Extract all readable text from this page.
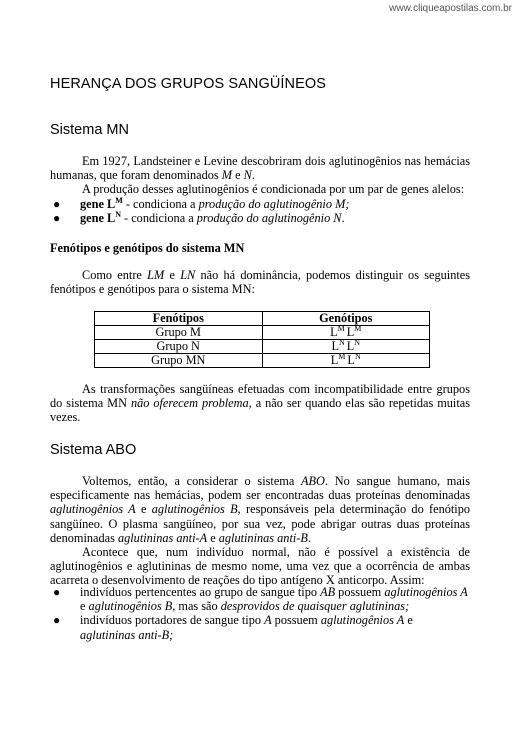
www.cliqueapostilas.com.br
HERANÇA DOS GRUPOS SANGÜÍNEOS
Sistema MN

Em 1927, Landsteiner e Levine descobriram dois aglutinogênios nas hemácias humanas, que foram denominados M e N.

A produção desses aglutinogênios é condicionada por um par de genes alelos:

● gene $L^M$ - condiciona a produção do aglutinogênio M;

● gene $L^N$ - condiciona a produção do aglutinogênio N.

Fenótipos e genótipos do sistema MN

Como entre LM e LN não há dominância, podemos distinguir os seguintes fenótipos e genótipos para o sistema MN:

Fenótipos	Genótipos
Grupo M	$L^M$ $L^M$
Grupo N	$L^N$ $L^N$
Grupo MN	$L^M$ $L^N$

As transformações sangüíneas efetuadas com incompatibilidade entre grupos do sistema MN não oferecem problema, a não ser quando elas são repetidas muitas vezes.

Sistema ABO

Voltemos, então, a considerar o sistema ABO. No sangue humano, mais especificamente nas hemácias, podem ser encontradas duas proteínas denominadas aglutinogênios A e aglutinogênios B, responsáveis pela determinação do fenótipo sangüíneo. O plasma sangüíneo, por sua vez, pode abrigar outras duas proteínas denominadas aglutininas anti-A e aglutininas anti-B.

Acontece que, num indivíduo normal, não é possível a existência de aglutinogênios e aglutininas de mesmo nome, uma vez que a ocorrência de ambas acarreta o desenvolvimento de reações do tipo antígeno X anticorpo. Assim:

● indivíduos pertencentes ao grupo de sangue tipo AB possuem aglutinogênios A e aglutinogênios B, mas são desprovidos de quaisquer aglutininas;

● indivíduos portadores de sangue tipo A possuem aglutinogênios A e aglutininas anti-B;
